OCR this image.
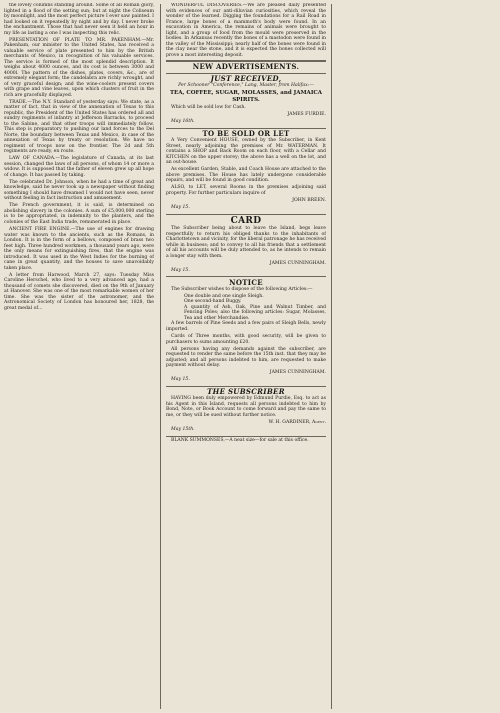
the lovely columns standing around. Some of all Roman glory, lighted in a flood of the setting sun; but at night the Coliseum by moonlight, and the most perfect picture I ever saw painted. I had looked on it repeatedly by night and by day. I never broke the enchantment. Those that had never seen it held an hour in my life as lasting a one I was inspecting this relic.

PRESENTATION OF PLATE TO MR. PAKENHAM.—Mr. Pakenham, our minister to the United States, has received a valuable service of plate presented to him by the British merchants of Mexico, in recognition of his valuable services. The service is formed of the most splendid description. It weighs about 4000 ounces, and its cost is between 3000 and 4000l. The pattern of the dishes, plates, covers, &c., are of extremely elegant form; the candelabra are richly wrought, and of very graceful design; and the wine-coolers present covers with grape and vine leaves, upon which clusters of fruit in the rich are gracefully displayed.

TRADE.—The N.Y. Standard of yesterday says: We state, as a matter of fact, that in view of the annexation of Texas to this republic, the President of the United States has ordered all and sundry regiments of infantry at Jefferson Barracks, to proceed to the Sabine, and that other troops will immediately follow. This step is preparatory to pushing our land forces to the Del Norte, the boundary between Texas and Mexico, in case of the annexation of Texas by treaty or resolution. We have no regiment of troops now on the frontier. The 2d and 5th regiments are ready, en route.

LAW OF CANADA.—The legislature of Canada, at its last session, changed the laws of all persons, of whom 14 or more a widow. It is supposed that the father of eleven grew up all hope of change. It has passed by taking.

The celebrated Dr. Johnson, when he had a time of great and knowledge, said he never took up a newspaper without finding something I should have dreamed I would not have seen, never without feeling in fact instruction and amusement.

The French government, it is said, is determined on abolishing slavery in the colonies. A sum of £5,000,000 sterling is to be appropriated, in indemnity to the planters, and the colonies of the East India trade, remunerated in place.

ANCIENT FIRE ENGINE.—The use of engines for drawing water was known to the ancients, such as the Romans, in London. It is in the form of a bellows, composed of brass two feet high. Three hundred workmen, a thousand years ago, were the only means for extinguishing fires, that the engine was introduced. It was used in the West Indies for the burning of cane in great quantity, and the houses to save unavoidably taken place.

A letter from Harwood, March 27, says: Tuesday Miss Caroline Herschel, who lived to a very advanced age, had a thousand of comets she discovered, died on the 9th of January at Hanover. She was one of the most remarkable women of her time. She was the sister of the astronomer, and the Astronomical Society of London has honoured her, 1828, the great medal of...

WONDERFUL DISCOVERIES.—We are pleased daily presented with evidences of our anti-diluvian curiosities, which reveal the wonder of the learned. Digging the foundations for a Rail Road in France, large bones of a mammoth's body were found. In an excavation in America, the remains of animals were brought to light, and a group of food from the mould were preserved in the bodies. In Arkansas recently the bones of a mastodon were found in the valley of the Mississippi; nearly half of the bones were found in the clay near the stone, and it is expected the bones collected will prove a most interesting deposit.

NEW ADVERTISEMENTS.
JUST RECEIVED,

Per Schooner "Conference," Lang, Master, from Halifax:—

TEA, COFFEE, SUGAR, MOLASSES, and JAMAICA SPIRITS.

Which will be sold low for Cash.

JAMES FURDIE.

May 16th.

TO BE SOLD OR LET

A Very Convenient HOUSE, owned by the Subscriber, in Kent Street, nearly adjoining the premises of Mr. WATERMAN. It contains a SHOP and Back Room on each floor, with a Cellar and KITCHEN on the upper storey; the above has a well on the lot, and an out-house.

As excellent Garden, Stable, and Coach House are attached to the above premises. The House has lately undergone considerable repairs, and will be found in good condition.

ALSO, to LET, several Rooms in the premises adjoining said property. For further particulars inquire of

JOHN BREEN.

May 15.

CARD

The Subscriber being about to leave the Island, begs leave respectfully to return his obliged thanks to the inhabitants of Charlottetown and vicinity, for the liberal patronage he has received while in business; and to convey to all his friends that a settlement of all his accounts will be duly attended to, as he intends to remain a longer stay with them.

JAMES CUNNINGHAM.

May 15.

NOTICE

The Subscriber wishes to dispose of the following Articles:—

One double and one single Sleigh.
One second-hand Buggy.
A quantity of Ash, Oak, Pine and Walnut Timber, and Fencing Poles; also the following articles: Sugar, Molasses, Tea and other Merchandise.

A few barrels of Pine Seeds and a few pairs of Sleigh Bells, newly imported.

Cards of Three months, with good security, will be given to purchasers to sums amounting £20.

All persons having any demands against the subscriber, are requested to render the same before the 15th inst. that they may be adjusted; and all persons indebted to him, are requested to make payment without delay.

JAMES CUNNINGHAM.

May 15.

THE SUBSCRIBER

HAVING been duly empowered by Edmund Purdie, Esq. to act as his Agent in this Island, requests all persons indebted to him by Bond, Note, or Book Account to come forward and pay the same to me, or they will be sued without further notice.

W. H. GARDINER, Agent.

May 15th.

BLANK SUMMONSES,—A neat size—for sale at this office.
